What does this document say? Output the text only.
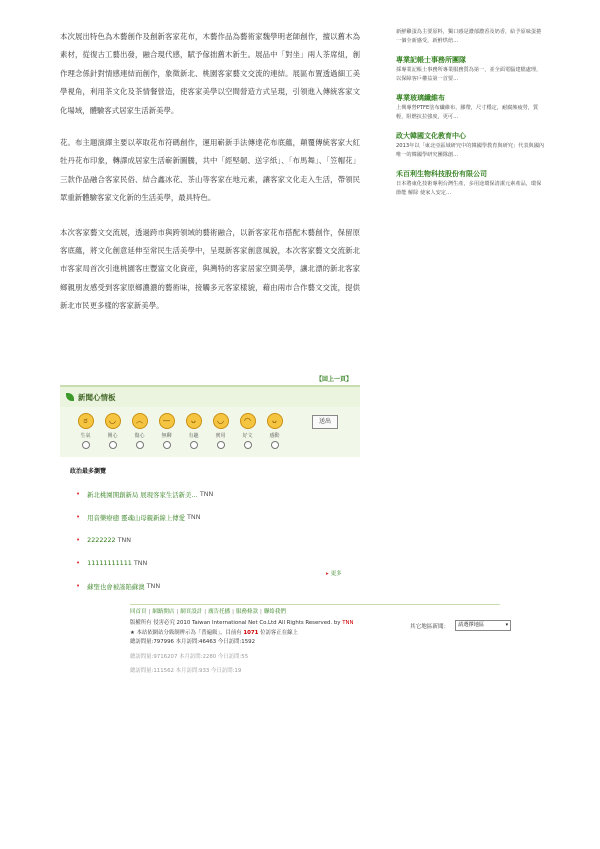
本次展出特色為木藝創作及創新客家花布，木藝作品為藝術家魏學明老師創作，擅以舊木為素材，從復古工藝出發，融合現代感，賦予傢拙舊木新生。展品中「對坐」兩人茶席組，創作理念係針對情感連結而創作，象徵新北、桃園客家藝文交流的連結。展區布置透過細工美學視角，利用茶文化及茶情餐營造，使客家美學以空間營造方式呈現，引領進入傳統客家文化場域，體驗客式居家生活新美學。

花。布主題演繹主要以萃取花布符碼創作，運用嶄新手法傳達花布底蘊，顛覆傳統客家大紅牡丹花布印象，轉譯成居家生活嶄新圖騰，共中「經堅韌、送字紙」、「布馬舞」、「笠帽花」三款作品融合客家民俗、結合鑫冰花、茶山等客家在地元素，讓客家文化走入生活，帶領民眾重新體驗客家文化新的生活美學，最具特色。

本次客家藝文交流展，透過跨市與跨領域的藝術融合，以新客家花布搭配木藝創作，保留原客底蘊，將文化創意延伸至常民生活美學中，呈現新客家創意風貌，本次客家藝文交流新北市客家局首次引進桃園客庄豐富文化資産，與灣特的客家居家空間美學，讓北漂的新北客家鄉親朋友感受到客家原鄉濃濃的藝術味，接觸多元客家樣貌，藉由兩市合作藝文交流，提供新北市民更多樣的客家新美學。

【回上一頁】
新聞心情板
ಠ
生氣
◡
開心
︵
傷心
—
無聊
ᴗ
有趣
◡
實用
◠
好文
ᴗ
感動
送出
政治最多瀏覽
• 新北桃園開創新局 展現客家生活新美… TNN
• 用音樂療癒 靈魂山母親新線上傳愛 TNN
• 2222222 TNN
• 11111111111 TNN
• 蘇聖也會被謠陷蘇澳 TNN
▸ 更多
回首頁 | 網路開店 | 網頁設計 | 廣告托播 | 服務條款 | 聯絡我們
版權所有 侵害必究 2010 Taiwan International Net Co.Ltd All Rights Reserved. by TNN
★ 本站依網站分級制辨示為「普遍級」，目前有 1071 位訪客正在線上
總訪問量:797996 本月訪問:46463 今日訪問:1592
總訪問量:9716207 本月訪問:2280 今日訪問:55
總訪問量:111562 本月訪問:933 今日訪問:19
其它地區新聞：	請選擇地區	▾
新鮮雞蛋為主要原料，獨口感是濃郁濃香及奶香，給予原味蛋捲一個全新感受，新鮮烘焙…
專業記帳士事務所團隊
採專業記帳士事務所專業服務質為第一，並全面電腦建檔處理，以保障客戶權益第一首要…
專業玻璃纖維布
上興專營PTFE塗布纖維布，膠帶，尺寸穩定，耐腐蝕疲勞，質輕，阻燃抗拉強度，更可…
政大韓國文化教育中心
2013年以「東北亞區域研究中的韓國學教育與研究」代表與國內唯一的韓國學研究團隊創…
禾百利生物科技股份有限公司
日本將東化技術專利台灣生產，多用途環保清潔元素產品，環保 節能 解除 使家人安定…
